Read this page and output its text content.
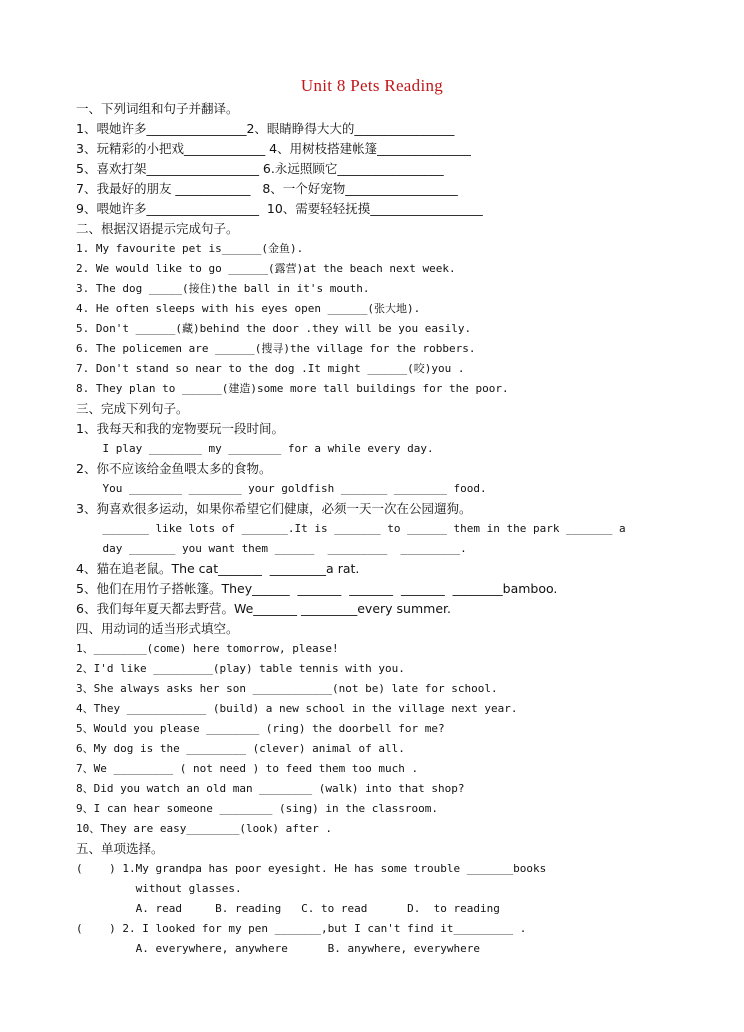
Unit 8 Pets Reading
一、下列词组和句子并翻译。
1、喂她许多________________2、眼睛睁得大大的________________
3、玩精彩的小把戏_____________ 4、用树枝搭建帐篷_______________
5、喜欢打架__________________ 6.永远照顾它_________________
7、我最好的朋友 ____________   8、一个好宠物__________________
9、喂她许多__________________  10、需要轻轻抚摸__________________
二、根据汉语提示完成句子。
1. My favourite pet is______(金鱼).
2. We would like to go ______(露营)at the beach next week.
3. The dog _____(接住)the ball in it's mouth.
4. He often sleeps with his eyes open ______(张大地).
5. Don't ______(藏)behind the door .they will be you easily.
6. The policemen are ______(搜寻)the village for the robbers.
7. Don't stand so near to the dog .It might ______(咬)you .
8. They plan to ______(建造)some more tall buildings for the poor.
三、完成下列句子。
1、我每天和我的宠物要玩一段时间。
I play ________ my ________ for a while every day.
2、你不应该给金鱼喂太多的食物。
You ________ ________ your goldfish _______ ________ food.
3、狗喜欢很多运动，如果你希望它们健康，必须一天一次在公园遛狗。
_______ like lots of _______.It is _______ to ______ them in the park _______ a
day _______ you want them ______  _________  _________.
4、猫在追老鼠。The cat_______  _________a rat.
5、他们在用竹子搭帐篷。They______  _______  _______  _______  ________bamboo.
6、我们每年夏天都去野营。We_______ _________every summer.
四、用动词的适当形式填空。
1、________(come) here tomorrow, please!
2、I'd like _________(play) table tennis with you.
3、She always asks her son ____________(not be) late for school.
4、They ____________ (build) a new school in the village next year.
5、Would you please ________ (ring) the doorbell for me?
6、My dog is the _________ (clever) animal of all.
7、We _________ ( not need ) to feed them too much .
8、Did you watch an old man ________ (walk) into that shop?
9、I can hear someone ________ (sing) in the classroom.
10、They are easy________(look) after .
五、单项选择。
(    ) 1.My grandpa has poor eyesight. He has some trouble _______books
without glasses.
A. read     B. reading   C. to read      D.  to reading
(    ) 2. I looked for my pen _______,but I can't find it_________ .
A. everywhere, anywhere      B. anywhere, everywhere
